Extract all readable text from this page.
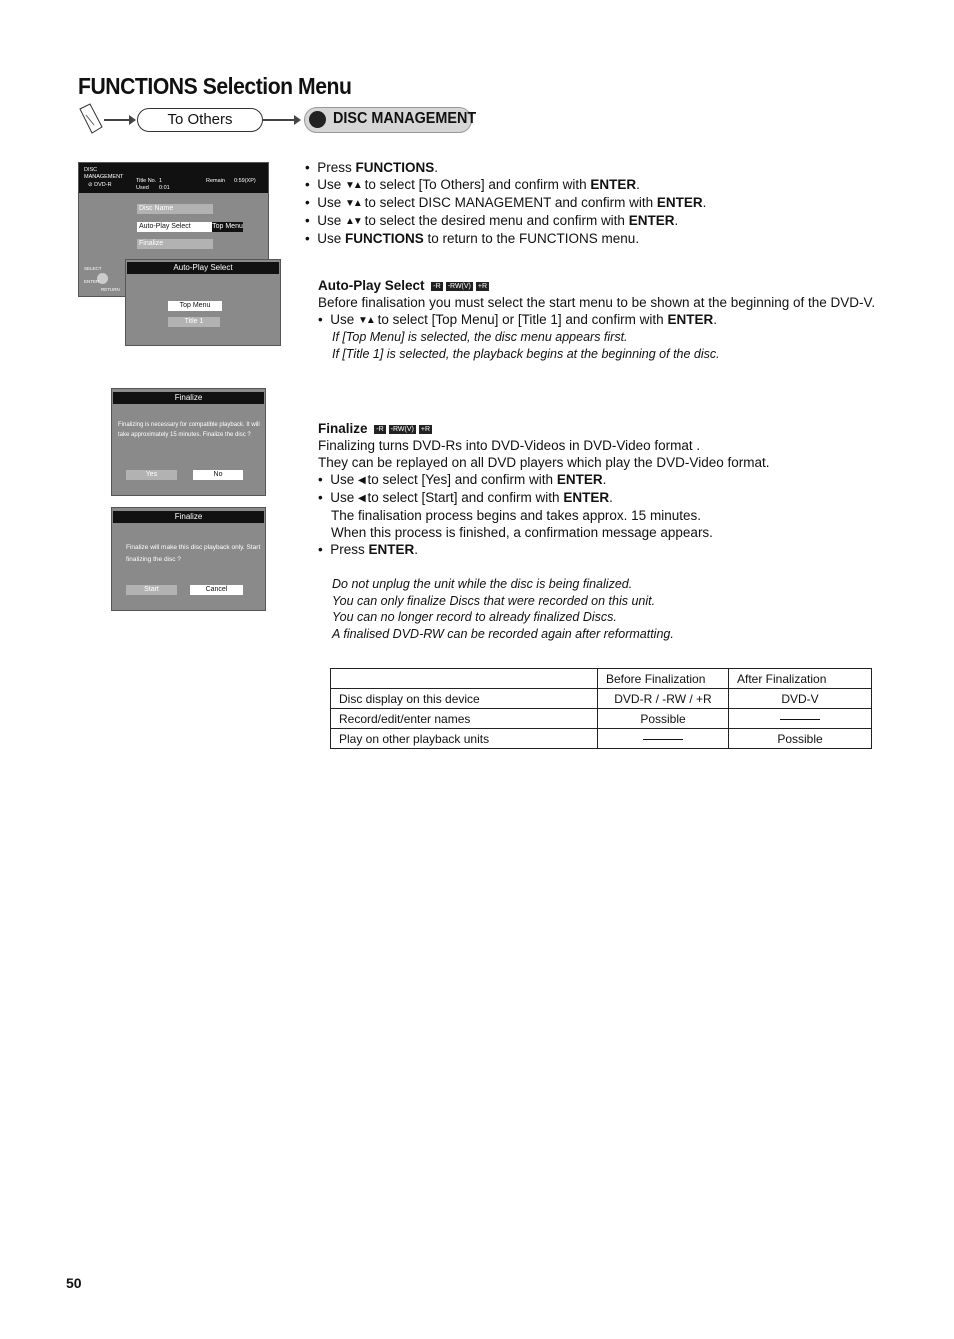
FUNCTIONS Selection Menu
To Others	DISC MANAGEMENT
DISC
MANAGEMENT
⊘ DVD-R
Title No. 1
Used 0:01
Remain 0:59(XP)
Disc Name
Auto-Play Select	Top Menu
Finalize
SELECT
ENTER
RETURN
Auto-Play Select
Top Menu
Title 1
Finalize
Finalizing is necessary for compatible playback. It will take approximately 15 minutes. Finalize the disc ?
Yes	No
Finalize
Finalize will make this disc playback only. Start finalizing the disc ?
Start	Cancel
•  Press FUNCTIONS.
•  Use ▼▲ to select [To Others] and confirm with ENTER.
•  Use ▼▲ to select DISC MANAGEMENT and confirm with ENTER.
•  Use ▲▼ to select the desired menu and confirm with ENTER.
•  Use FUNCTIONS to return to the FUNCTIONS menu.
Auto-Play Select -R -RW(V) +R
Before finalisation you must select the start menu to be shown at the beginning of the DVD-V.
•  Use ▼▲ to select [Top Menu] or [Title 1] and confirm with ENTER.
If [Top Menu] is selected, the disc menu appears first.
If [Title 1] is selected, the playback begins at the beginning of the disc.
Finalize -R -RW(V) +R
Finalizing turns DVD-Rs into DVD-Videos in DVD-Video format .
They can be replayed on all DVD players which play the DVD-Video format.
•  Use ◀ to select [Yes] and confirm with ENTER.
•  Use ◀ to select [Start] and confirm with ENTER.
The finalisation process begins and takes approx. 15 minutes.
When this process is finished, a confirmation message appears.
•  Press ENTER.
Do not unplug the unit while the disc is being finalized.
You can only finalize Discs that were recorded on this unit.
You can no longer record to already finalized Discs.
A finalised DVD-RW can be recorded again after reformatting.
	Before Finalization	After Finalization
Disc display on this device	DVD-R / -RW / +R	DVD-V
Record/edit/enter names	Possible	
Play on other playback units		Possible
50
